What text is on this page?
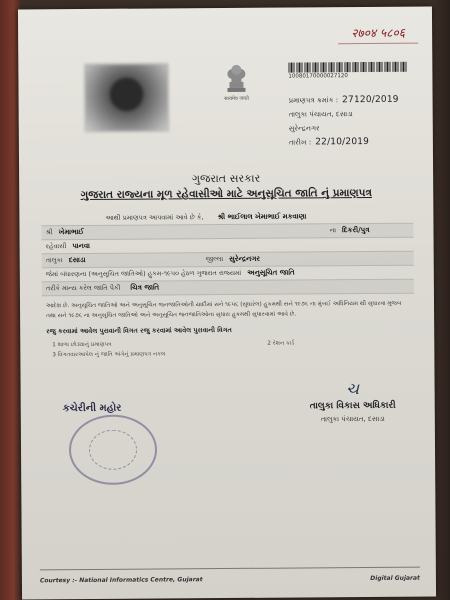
२७०४ ५८०६
सत्यमेव जयते
10080170000027120
પ્રમાણપત્ર ક્રમાંક : 27120/2019
તાલુકા પંચાયત, દસાડા
સુરેન્દ્રનગર
તારીખ : 22/10/2019
ગુજરાત સરકાર
ગુજરાત રાજ્યના મૂળ રહેવાસીઓ માટે અનુસૂચિત જાતિ નું પ્રમાણપત્ર
આથી પ્રમાણપત્ર આપવામાં આવે છે કે, શ્રી ભાઈલાલ ખેમાભાઈ મકવાણા
શ્રી ખેમાભાઈ	ના દિકરી/પુત્ર
રહેવાસી પાનવા
તાલુકા દસાડા	જીલ્લા સુરેન્દ્રનગર
જેમાં બંધારણના (અનુસૂચિત જાતિઓ) હુકમ-૧૯૫૦ હેઠળ ગુજરાત રાજ્યમાં અનુસૂચિત જાતિ
તરીકે માન્ય કરેલ જાતિ પૈકી ચિત્ર જાતિ
આદેશ છે. અનુસૂચિત જાતિઓ અને અનુસૂચિત જનજાતિઓની યાદીમાં સને ૧૯૫૬ (સુધારેલ) હુકમથી સને ૧૯૭૬ ના મુંબઈ અધિનિયમ થી સુધારવા મુજબ તથા સને ૧૯૭૬ ના અનુસૂચિત જાતિઓ અને અનુસૂચિત જનજાતિઓના સુધારા હુકમથી સુધારવામાં આવે છે.
રજુ કરવામાં આવેલ પુરાવાની વિગત રજુ કરવામાં આવેલ પુરાવાની વિગત
1 શાળા છોડ્યાનું પ્રમાણપત્ર	2 રેશન કાર્ડ
3 વિગતવારઆપેલ નું જાતિ અંગેનું પ્રમાણપત્ર નકલ
કચેરીની મહોર
ચ
તાલુકા વિકાસ અધિકારી
તાલુકા પંચાયત, દસાડા
Courtesy :- National Informatics Centre, Gujarat	Digital Gujarat
